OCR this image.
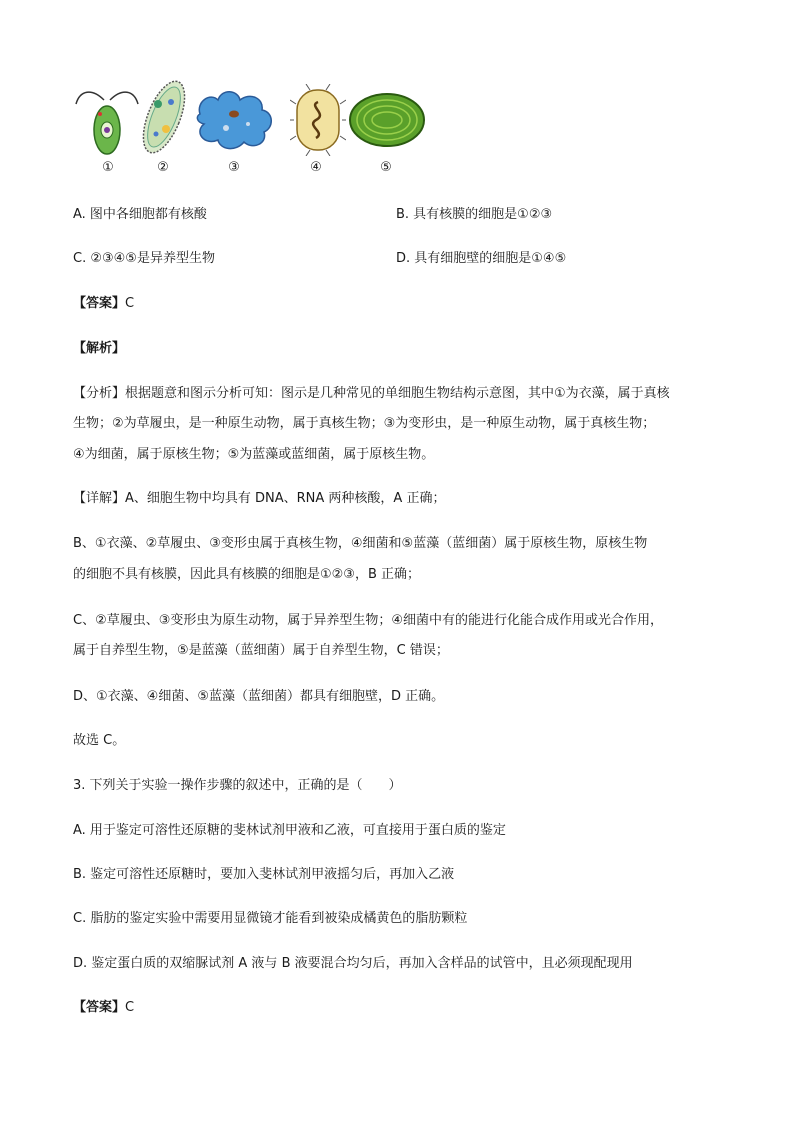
①	②	③	④	⑤
A. 图中各细胞都有核酸	B. 具有核膜的细胞是①②③
C. ②③④⑤是异养型生物	D. 具有细胞壁的细胞是①④⑤
【答案】C
【解析】
【分析】根据题意和图示分析可知：图示是几种常见的单细胞生物结构示意图，其中①为衣藻，属于真核
生物；②为草履虫，是一种原生动物，属于真核生物；③为变形虫，是一种原生动物，属于真核生物；
④为细菌，属于原核生物；⑤为蓝藻或蓝细菌，属于原核生物。
【详解】A、细胞生物中均具有 DNA、RNA 两种核酸，A 正确；
B、①衣藻、②草履虫、③变形虫属于真核生物，④细菌和⑤蓝藻（蓝细菌）属于原核生物，原核生物
的细胞不具有核膜，因此具有核膜的细胞是①②③，B 正确；
C、②草履虫、③变形虫为原生动物，属于异养型生物；④细菌中有的能进行化能合成作用或光合作用，
属于自养型生物，⑤是蓝藻（蓝细菌）属于自养型生物，C 错误；
D、①衣藻、④细菌、⑤蓝藻（蓝细菌）都具有细胞壁，D 正确。
故选 C。
3. 下列关于实验一操作步骤的叙述中，正确的是（　　）
A. 用于鉴定可溶性还原糖的斐林试剂甲液和乙液，可直接用于蛋白质的鉴定
B. 鉴定可溶性还原糖时，要加入斐林试剂甲液摇匀后，再加入乙液
C. 脂肪的鉴定实验中需要用显微镜才能看到被染成橘黄色的脂肪颗粒
D. 鉴定蛋白质的双缩脲试剂 A 液与 B 液要混合均匀后，再加入含样品的试管中，且必须现配现用
【答案】C
